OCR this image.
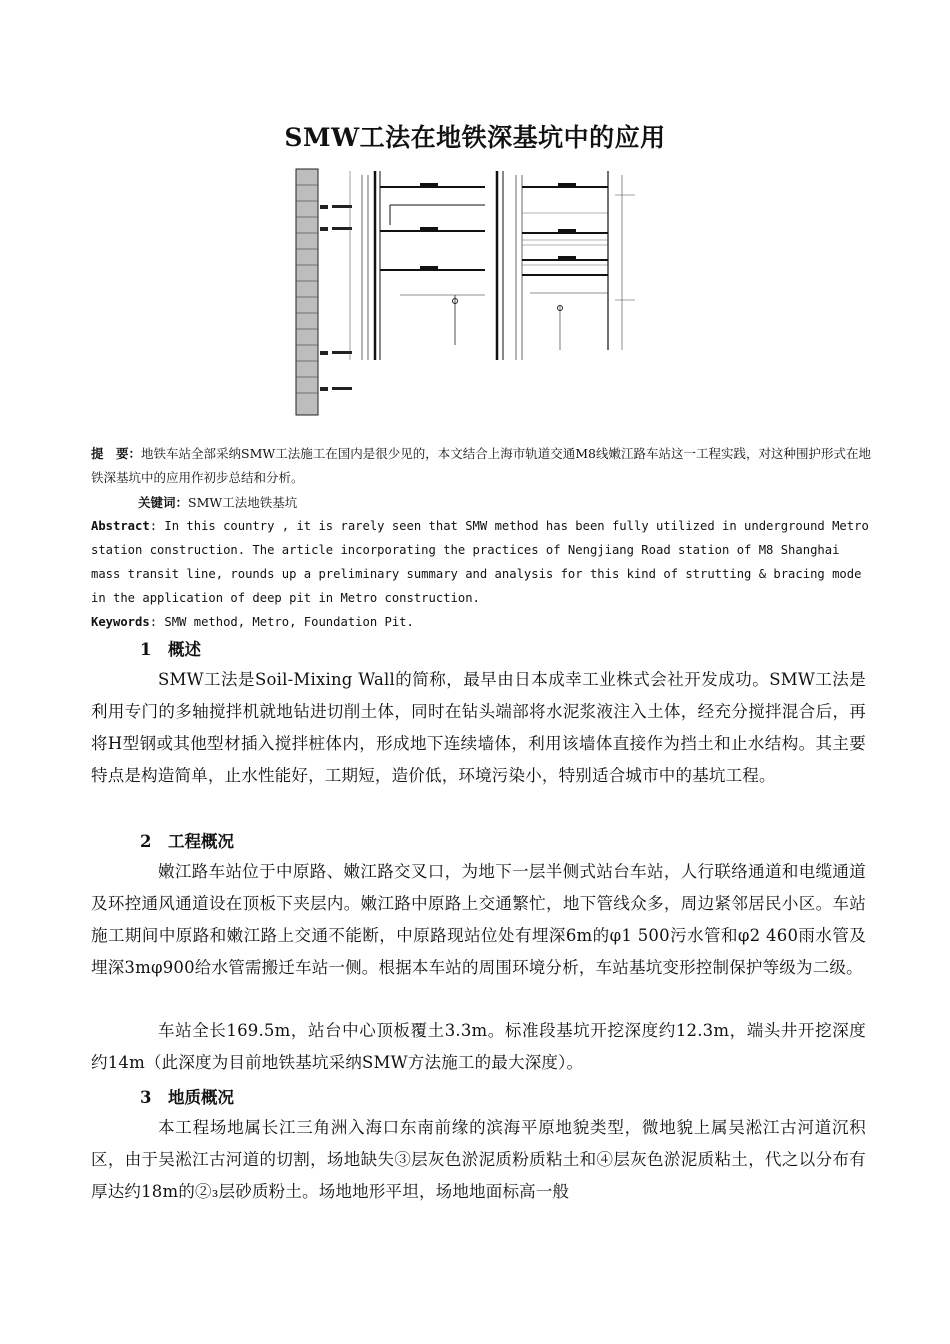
SMW工法在地铁深基坑中的应用
提　要：地铁车站全部采纳SMW工法施工在国内是很少见的，本文结合上海市轨道交通M8线嫩江路车站这一工程实践，对这种围护形式在地铁深基坑中的应用作初步总结和分析。
关键词：SMW工法地铁基坑
Abstract: In this country , it is rarely seen that SMW method has been fully utilized in underground Metro station construction. The article incorporating the practices of Nengjiang Road station of M8 Shanghai mass transit line, rounds up a preliminary summary and analysis for this kind of strutting & bracing mode in the application of deep pit in Metro construction.
Keywords: SMW method, Metro, Foundation Pit.
1　概述
SMW工法是Soil-Mixing Wall的简称，最早由日本成幸工业株式会社开发成功。SMW工法是利用专门的多轴搅拌机就地钻进切削土体，同时在钻头端部将水泥浆液注入土体，经充分搅拌混合后，再将H型钢或其他型材插入搅拌桩体内，形成地下连续墙体，利用该墙体直接作为挡土和止水结构。其主要特点是构造简单，止水性能好，工期短，造价低，环境污染小，特别适合城市中的基坑工程。
2　工程概况
嫩江路车站位于中原路、嫩江路交叉口，为地下一层半侧式站台车站，人行联络通道和电缆通道及环控通风通道设在顶板下夹层内。嫩江路中原路上交通繁忙，地下管线众多，周边紧邻居民小区。车站施工期间中原路和嫩江路上交通不能断，中原路现站位处有埋深6m的φ1 500污水管和φ2 460雨水管及埋深3mφ900给水管需搬迁车站一侧。根据本车站的周围环境分析，车站基坑变形控制保护等级为二级。
车站全长169.5m，站台中心顶板覆土3.3m。标准段基坑开挖深度约12.3m，端头井开挖深度约14m（此深度为目前地铁基坑采纳SMW方法施工的最大深度）。
3　地质概况
本工程场地属长江三角洲入海口东南前缘的滨海平原地貌类型，微地貌上属吴淞江古河道沉积区，由于吴淞江古河道的切割，场地缺失③层灰色淤泥质粉质粘土和④层灰色淤泥质粘土，代之以分布有厚达约18m的②₃层砂质粉土。场地地形平坦，场地地面标高一般
